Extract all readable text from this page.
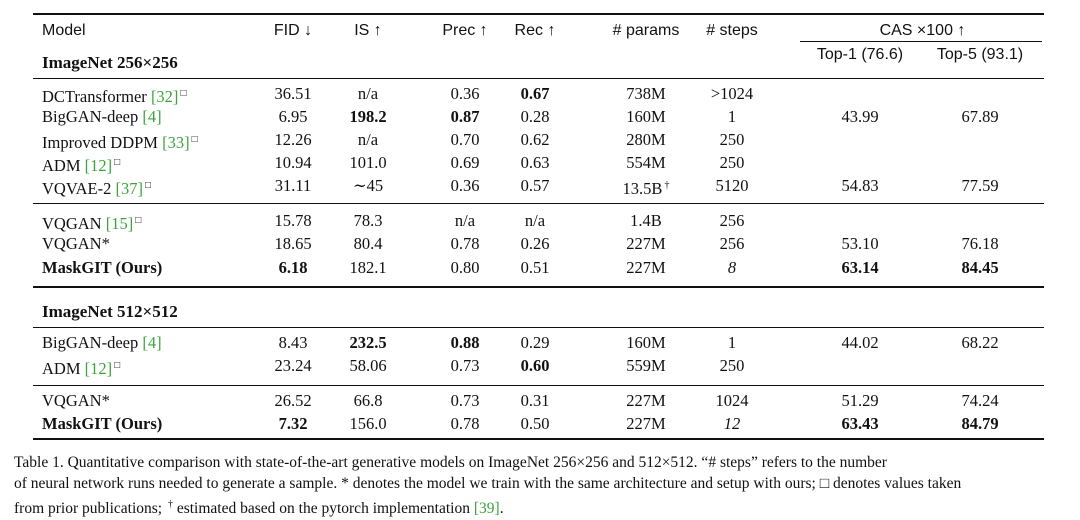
Model	FID ↓	IS ↑	Prec ↑	Rec ↑	# params	# steps	CAS ×100 ↑
Top-1 (76.6)	Top-5 (93.1)
ImageNet 256×256
DCTransformer [32] □	36.51	n/a	0.36	0.67	738M	>1024
BigGAN-deep [4]	6.95	198.2	0.87	0.28	160M	1	43.99	67.89
Improved DDPM [33] □	12.26	n/a	0.70	0.62	280M	250
ADM [12] □	10.94	101.0	0.69	0.63	554M	250
VQVAE-2 [37] □	31.11	∼45	0.36	0.57	13.5B †	5120	54.83	77.59
VQGAN [15] □	15.78	78.3	n/a	n/a	1.4B	256
VQGAN*	18.65	80.4	0.78	0.26	227M	256	53.10	76.18
MaskGIT (Ours)	6.18	182.1	0.80	0.51	227M	8	63.14	84.45
ImageNet 512×512
BigGAN-deep [4]	8.43	232.5	0.88	0.29	160M	1	44.02	68.22
ADM [12] □	23.24	58.06	0.73	0.60	559M	250
VQGAN*	26.52	66.8	0.73	0.31	227M	1024	51.29	74.24
MaskGIT (Ours)	7.32	156.0	0.78	0.50	227M	12	63.43	84.79
Table 1. Quantitative comparison with state-of-the-art generative models on ImageNet 256×256 and 512×512. “# steps” refers to the number
of neural network runs needed to generate a sample. * denotes the model we train with the same architecture and setup with ours; □ denotes values taken
from prior publications; † estimated based on the pytorch implementation [39].
